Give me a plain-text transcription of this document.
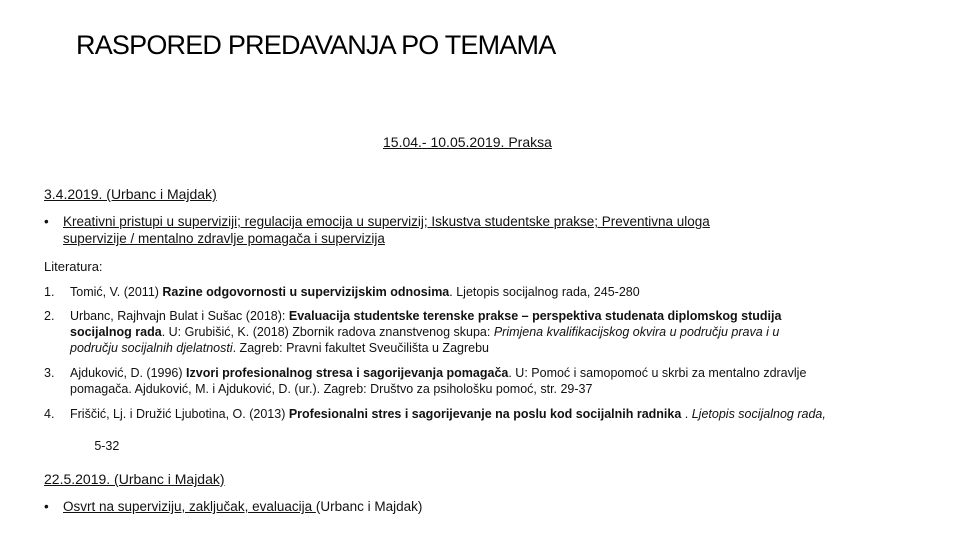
RASPORED PREDAVANJA PO TEMAMA
15.04.- 10.05.2019. Praksa
3.4.2019. (Urbanc i Majdak)
• Kreativni pristupi u superviziji; regulacija emocija u supervizij; Iskustva studentske prakse; Preventivna uloga
supervizije / mentalno zdravlje pomagača i supervizija
Literatura:
1. Tomić, V. (2011) Razine odgovornosti u supervizijskim odnosima. Ljetopis socijalnog rada, 245-280
2. Urbanc, Rajhvajn Bulat i Sušac (2018): Evaluacija studentske terenske prakse – perspektiva studenata diplomskog studija
socijalnog rada. U: Grubišić, K. (2018) Zbornik radova znanstvenog skupa: Primjena kvalifikacijskog okvira u području prava i u
području socijalnih djelatnosti. Zagreb: Pravni fakultet Sveučilišta u Zagrebu
3. Ajduković, D. (1996) Izvori profesionalnog stresa i sagorijevanja pomagača. U: Pomoć i samopomoć u skrbi za mentalno zdravlje
pomagača. Ajduković, M. i Ajduković, D. (ur.). Zagreb: Društvo za psihološku pomoć, str. 29-37
4. Friščić, Lj. i Družić Ljubotina, O. (2013) Profesionalni stres i sagorijevanje na poslu kod socijalnih radnika . Ljetopis socijalnog rada,

5-32

22.5.2019. (Urbanc i Majdak)
• Osvrt na superviziju, zaključak, evaluacija (Urbanc i Majdak)
